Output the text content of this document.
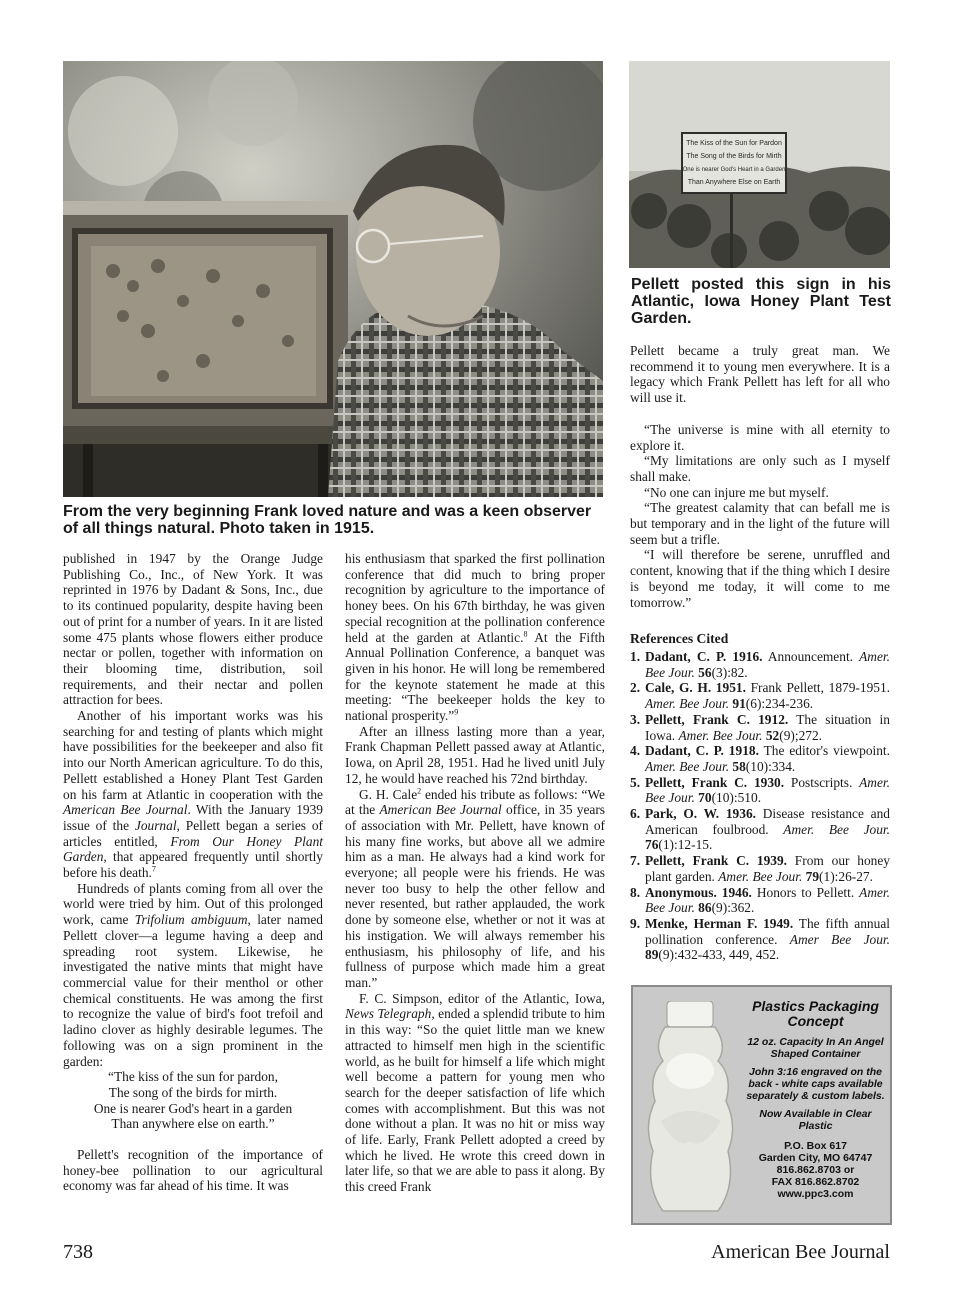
From the very beginning Frank loved nature and was a keen observer of all things natural. Photo taken in 1915.
The Kiss of the Sun for Pardon
The Song of the Birds for Mirth
One is nearer God's Heart in a Garden
Than Anywhere Else on Earth
Pellett posted this sign in his Atlantic, Iowa Honey Plant Test Garden.

published in 1947 by the Orange Judge Publishing Co., Inc., of New York. It was reprinted in 1976 by Dadant & Sons, Inc., due to its continued popularity, despite having been out of print for a number of years. In it are listed some 475 plants whose flowers either produce nectar or pollen, together with information on their blooming time, distribution, soil requirements, and their nectar and pollen attraction for bees.

Another of his important works was his searching for and testing of plants which might have possibilities for the beekeeper and also fit into our North American agriculture. To do this, Pellett established a Honey Plant Test Garden on his farm at Atlantic in cooperation with the American Bee Journal. With the January 1939 issue of the Journal, Pellett began a series of articles entitled, From Our Honey Plant Garden, that appeared frequently until shortly before his death.$^7$

Hundreds of plants coming from all over the world were tried by him. Out of this prolonged work, came Trifolium ambiguum, later named Pellett clover—a legume having a deep and spreading root system. Likewise, he investigated the native mints that might have commercial value for their menthol or other chemical constituents. He was among the first to recognize the value of bird's foot trefoil and ladino clover as highly desirable legumes. The following was on a sign prominent in the garden:

“The kiss of the sun for pardon,

The song of the birds for mirth.

One is nearer God's heart in a garden

Than anywhere else on earth.”

Pellett's recognition of the importance of honey-bee pollination to our agricultural economy was far ahead of his time. It was

his enthusiasm that sparked the first pollination conference that did much to bring proper recognition by agriculture to the importance of honey bees. On his 67th birthday, he was given special recognition at the pollination conference held at the garden at Atlantic.$^8$ At the Fifth Annual Pollination Conference, a banquet was given in his honor. He will long be remembered for the keynote statement he made at this meeting: “The beekeeper holds the key to national prosperity.”$^9$

After an illness lasting more than a year, Frank Chapman Pellett passed away at Atlantic, Iowa, on April 28, 1951. Had he lived unitl July 12, he would have reached his 72nd birthday.

G. H. Cale$^2$ ended his tribute as follows: “We at the American Bee Journal office, in 35 years of association with Mr. Pellett, have known of his many fine works, but above all we admire him as a man. He always had a kind work for everyone; all people were his friends. He was never too busy to help the other fellow and never resented, but rather applauded, the work done by someone else, whether or not it was at his instigation. We will always remember his enthusiasm, his philosophy of life, and his fullness of purpose which made him a great man.”

F. C. Simpson, editor of the Atlantic, Iowa, News Telegraph, ended a splendid tribute to him in this way: “So the quiet little man we knew attracted to himself men high in the scientific world, as he built for himself a life which might well become a pattern for young men who search for the deeper satisfaction of life which comes with accomplishment. But this was not done without a plan. It was no hit or miss way of life. Early, Frank Pellett adopted a creed by which he lived. He wrote this creed down in later life, so that we are able to pass it along. By this creed Frank

Pellett became a truly great man. We recommend it to young men everywhere. It is a legacy which Frank Pellett has left for all who will use it.

“The universe is mine with all eternity to explore it.

“My limitations are only such as I myself shall make.

“No one can injure me but myself.

“The greatest calamity that can befall me is but temporary and in the light of the future will seem but a trifle.

“I will therefore be serene, unruffled and content, knowing that if the thing which I desire is beyond me today, it will come to me tomorrow.”

References Cited
1. Dadant, C. P. 1916. Announcement. Amer. Bee Jour. 56(3):82.
2. Cale, G. H. 1951. Frank Pellett, 1879-1951. Amer. Bee Jour. 91(6):234-236.
3. Pellett, Frank C. 1912. The situation in Iowa. Amer. Bee Jour. 52(9);272.
4. Dadant, C. P. 1918. The editor's viewpoint. Amer. Bee Jour. 58(10):334.
5. Pellett, Frank C. 1930. Postscripts. Amer. Bee Jour. 70(10):510.
6. Park, O. W. 1936. Disease resistance and American foulbrood. Amer. Bee Jour. 76(1):12-15.
7. Pellett, Frank C. 1939. From our honey plant garden. Amer. Bee Jour. 79(1):26-27.
8. Anonymous. 1946. Honors to Pellett. Amer. Bee Jour. 86(9):362.
9. Menke, Herman F. 1949. The fifth annual pollination conference. Amer Bee Jour. 89(9):432-433, 449, 452.
Plastics Packaging Concept
12 oz. Capacity In An Angel Shaped Container
John 3:16 engraved on the back - white caps available separately & custom labels.
Now Available in Clear Plastic
P.O. Box 617
Garden City, MO 64747
816.862.8703 or
FAX 816.862.8702
www.ppc3.com
738	American Bee Journal
